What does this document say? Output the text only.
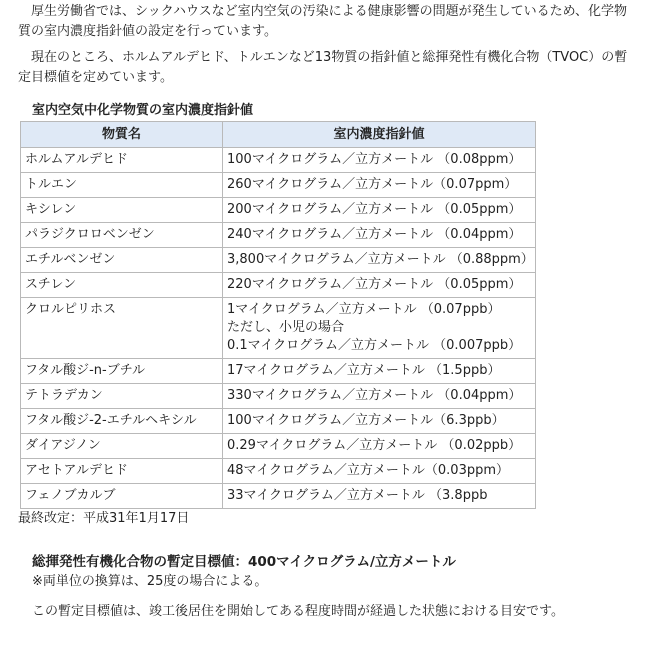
厚生労働省では、シックハウスなど室内空気の汚染による健康影響の問題が発生しているため、化学物質の室内濃度指針値の設定を行っています。

現在のところ、ホルムアルデヒド、トルエンなど13物質の指針値と総揮発性有機化合物（TVOC）の暫定目標値を定めています。

室内空気中化学物質の室内濃度指針値
物質名	室内濃度指針値
ホルムアルデヒド	100マイクログラム／立方メートル （0.08ppm）
トルエン	260マイクログラム／立方メートル（0.07ppm）
キシレン	200マイクログラム／立方メートル （0.05ppm）
パラジクロロベンゼン	240マイクログラム／立方メートル （0.04ppm）
エチルベンゼン	3,800マイクログラム／立方メートル （0.88ppm）
スチレン	220マイクログラム／立方メートル （0.05ppm）
クロルピリホス	1マイクログラム／立方メートル （0.07ppb）
ただし、小児の場合
0.1マイクログラム／立方メートル （0.007ppb）

フタル酸ジ-n-ブチル	17マイクログラム／立方メートル （1.5ppb）
テトラデカン	330マイクログラム／立方メートル （0.04ppm）
フタル酸ジ-2-エチルヘキシル	100マイクログラム／立方メートル（6.3ppb）
ダイアジノン	0.29マイクログラム／立方メートル （0.02ppb）
アセトアルデヒド	48マイクログラム／立方メートル（0.03ppm）
フェノブカルブ	33マイクログラム／立方メートル （3.8ppb
最終改定：平成31年1月17日
総揮発性有機化合物の暫定目標値：400マイクログラム/立方メートル
※両単位の換算は、25度の場合による。
この暫定目標値は、竣工後居住を開始してある程度時間が経過した状態における目安です。
